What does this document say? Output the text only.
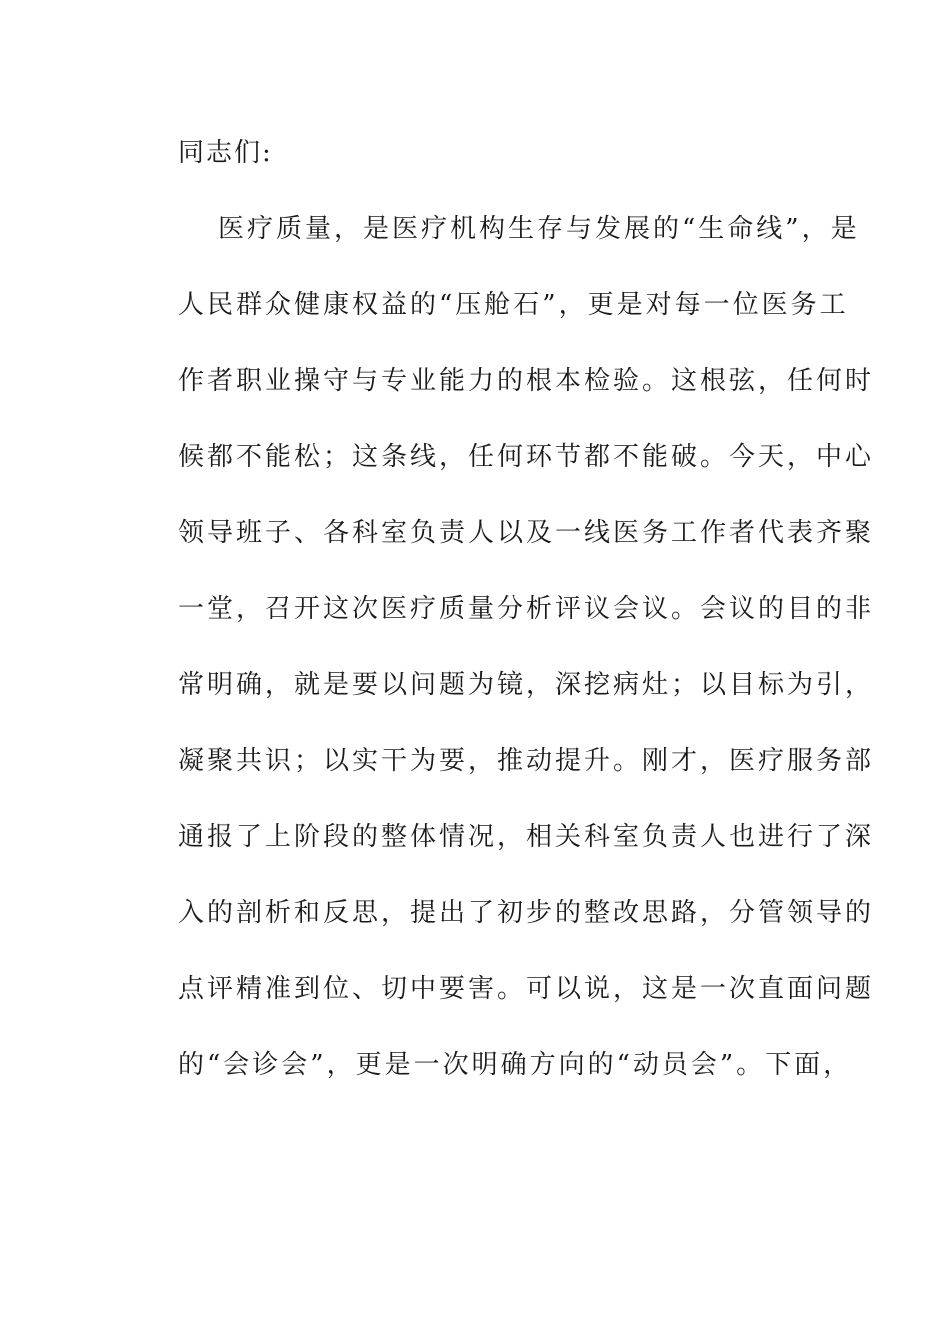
同志们:
医疗质量，是医疗机构生存与发展的“生命线”，是
人民群众健康权益的“压舱石”，更是对每一位医务工
作者职业操守与专业能力的根本检验。这根弦，任何时
候都不能松；这条线，任何环节都不能破。今天，中心
领导班子、各科室负责人以及一线医务工作者代表齐聚
一堂，召开这次医疗质量分析评议会议。会议的目的非
常明确，就是要以问题为镜，深挖病灶；以目标为引，
凝聚共识；以实干为要，推动提升。刚才，医疗服务部
通报了上阶段的整体情况，相关科室负责人也进行了深
入的剖析和反思，提出了初步的整改思路，分管领导的
点评精准到位、切中要害。可以说，这是一次直面问题
的“会诊会”，更是一次明确方向的“动员会”。下面，
